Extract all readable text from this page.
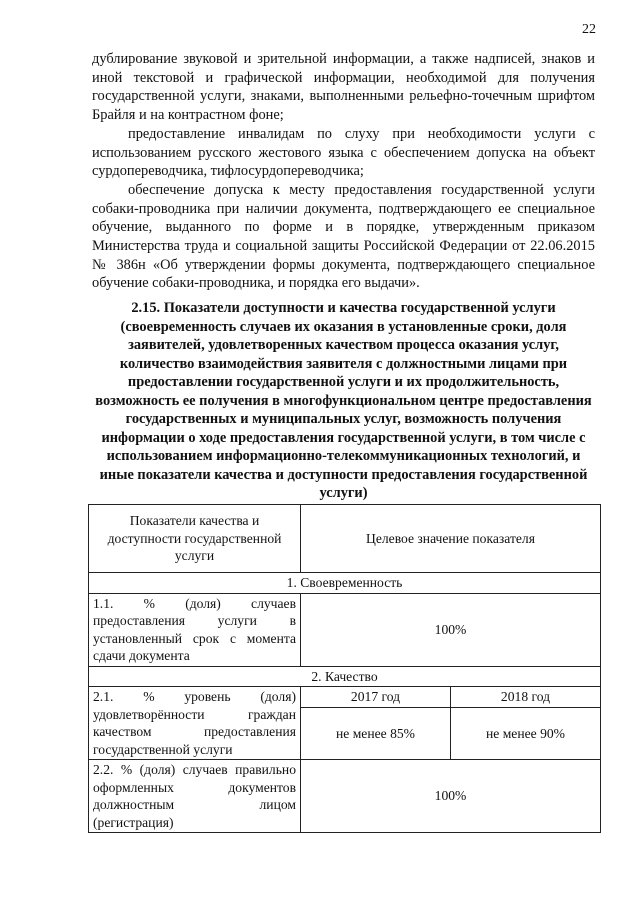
22

дублирование звуковой и зрительной информации, а также надписей, знаков и иной текстовой и графической информации, необходимой для получения государственной услуги, знаками, выполненными рельефно-точечным шрифтом Брайля и на контрастном фоне;

предоставление инвалидам по слуху при необходимости услуги с использованием русского жестового языка с обеспечением допуска на объект сурдопереводчика, тифлосурдопереводчика;

обеспечение допуска к месту предоставления государственной услуги собаки-проводника при наличии документа, подтверждающего ее специальное обучение, выданного по форме и в порядке, утвержденным приказом Министерства труда и социальной защиты Российской Федерации от 22.06.2015 № 386н «Об утверждении формы документа, подтверждающего специальное обучение собаки-проводника, и порядка его выдачи».

2.15. Показатели доступности и качества государственной услуги (своевременность случаев их оказания в установленные сроки, доля заявителей, удовлетворенных качеством процесса оказания услуг, количество взаимодействия заявителя с должностными лицами при предоставлении государственной услуги и их продолжительность, возможность ее получения в многофункциональном центре предоставления государственных и муниципальных услуг, возможность получения информации о ходе предоставления государственной услуги, в том числе с использованием информационно-телекоммуникационных технологий, и иные показатели качества и доступности предоставления государственной услуги)
Показатели качества и доступности государственной услуги	Целевое значение показателя	
1. Своевременность		
1.1. % (доля) случаев предоставления услуги в установленный срок с момента сдачи документа	100%	
2. Качество		
2.1. % уровень (доля) удовлетворённости граждан качеством предоставления государственной услуги	2017 год	2018 год
	не менее 85%	не менее 90%
2.2. % (доля) случаев правильно оформленных документов должностным лицом (регистрация)	100%	
